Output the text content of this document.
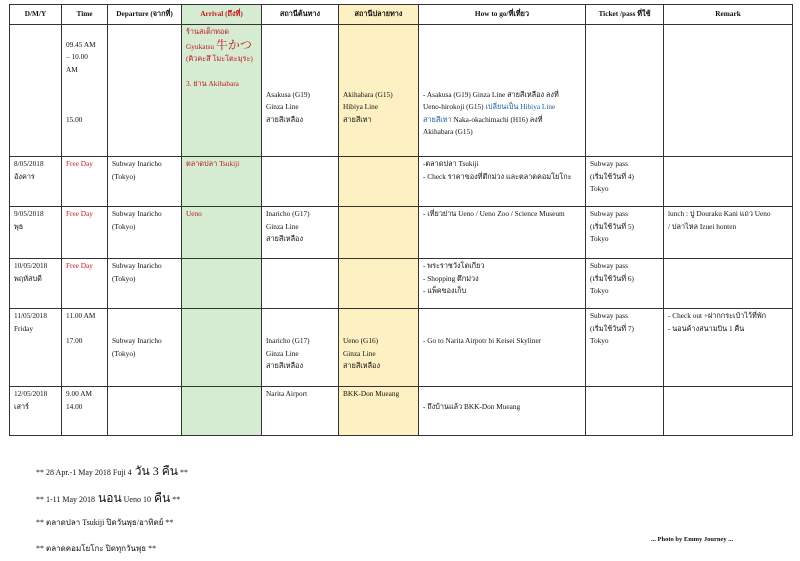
D/M/Y	Time	Departure (จากที่)	Arrival (ถึงที่)	สถานีต้นทาง	สถานีปลายทาง	How to go/ที่เที่ยว	Ticket /pass ที่ใช้	Remark

	09.45 AM
– 10.00
AM
15.00		ร้านสเต็กทอด
Gyukatsu 牛かつ
(คิวคะสึ โมะโตะมุระ)
3. ย่าน Akihabara	Asakusa (G19)
Ginza Line
สายสีเหลือง	Akihabara (G15)
Hibiya Line
สายสีเทา	- Asakusa (G19) Ginza Line สายสีเหลือง ลงที่
Ueno-hirokoji (G15) เปลี่ยนเป็น Hibiya Line
สายสีเทา Naka-okachimachi (H16) ลงที่
Akihabara (G15)		

8/05/2018
อังคาร	Free Day	Subway Inaricho
(Tokyo)	ตลาดปลา Tsukiji			-ตลาดปลา Tsukiji
- Check ราคาของที่ตึกม่วง และตลาดคอมโยโกะ	Subway pass
(เริ่มใช้วันที่ 4)
Tokyo	

9/05/2018
พุธ	Free Day	Subway Inaricho
(Tokyo)	Ueno	Inaricho (G17)
Ginza Line
สายสีเหลือง		- เที่ยวย่าน Ueno / Ueno Zoo / Science Museum	Subway pass
(เริ่มใช้วันที่ 5)
Tokyo	lunch : ปู Douraku Kani แถว Ueno
/ ปลาไหล Izuei honten

10/05/2018
พฤหัสบดี	Free Day	Subway Inaricho
(Tokyo)				- พระราชวังโตเกียว
- Shopping ตึกม่วง
- แพ็คของเก็บ	Subway pass
(เริ่มใช้วันที่ 6)
Tokyo	

11/05/2018
Friday	11.00 AM
17.00	Subway Inaricho
(Tokyo)		Inaricho (G17)
Ginza Line
สายสีเหลือง	Ueno (G16)
Ginza Line
สายสีเหลือง	- Go to Narita Airpotr bi Keisei Skyliner	Subway pass
(เริ่มใช้วันที่ 7)
Tokyo	- Check out +ฝากกระเป๋าไว้ที่พัก
- นอนค้างสนามบิน 1 คืน

12/05/2018
เสาร์	9.00 AM
14.00			Narita Airport	BKK-Don Mueang	- ถึงบ้านแล้ว BKK-Don Mueang		

** 28 Apr.-1 May 2018 Fuji 4 วัน 3 คืน **
** 1-11 May 2018 นอน Ueno 10 คืน **
** ตลาดปลา Tsukiji ปิดวันพุธ/อาทิตย์ **
** ตลาดคอมโยโกะ ปิดทุกวันพุธ **
... Photo by Emmy Journey ...
